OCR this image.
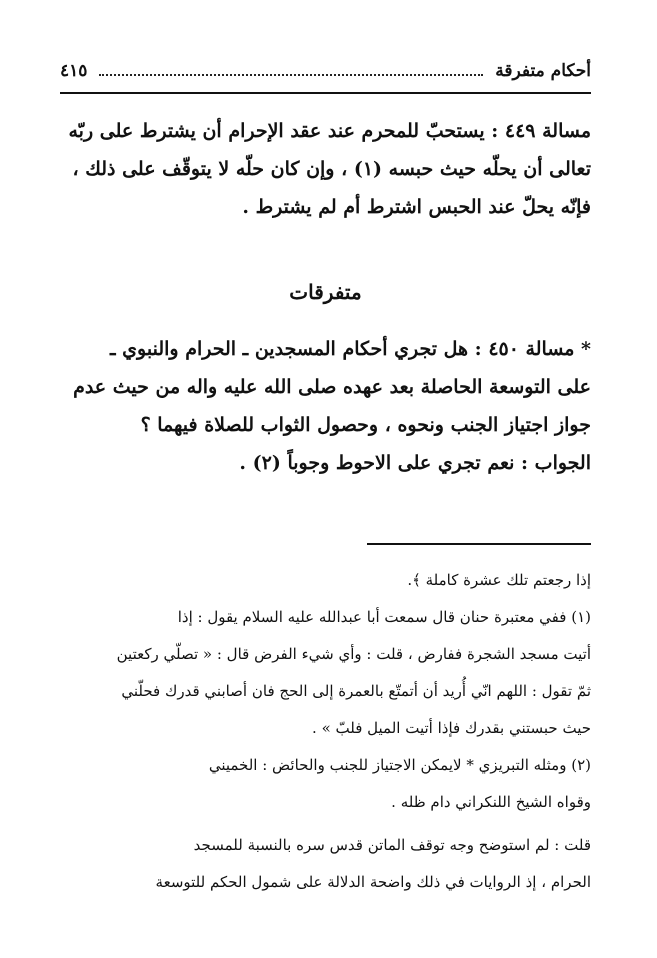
أحكام متفرقة
٤١٥
مسالة ٤٤٩ : يستحبّ للمحرم عند عقد الإحرام أن يشترط على ربّه
تعالى أن يحلّه حيث حبسه (١) ، وإن كان حلّه لا يتوقّف على ذلك ،
فإنّه يحلّ عند الحبس اشترط أم لم يشترط .
متفرقات
* مسالة ٤٥٠ : هل تجري أحكام المسجدين ـ الحرام والنبوي ـ
على التوسعة الحاصلة بعد عهده صلى الله عليه واله من حيث عدم
جواز اجتياز الجنب ونحوه ، وحصول الثواب للصلاة فيهما ؟
الجواب : نعم تجري على الاحوط وجوباً (٢) .
إذا رجعتم تلك عشرة كاملة ﴾.
(١) ففي معتبرة حنان قال سمعت أبا عبدالله عليه السلام يقول : إذا
أتيت مسجد الشجرة ففارض ، قلت : وأي شيء الفرض قال : « تصلّي ركعتين
ثمّ تقول : اللهم انّي أُريد أن أتمتّع بالعمرة إلى الحج فان أصابني قدرك فحلّني
حيث حبستني بقدرك فإذا أتيت الميل فلبّ » .
(٢) ومثله التبريزي * لايمكن الاجتياز للجنب والحائض : الخميني
وقواه الشيخ اللنكراني دام ظله .
قلت : لم استوضح وجه توقف الماتن قدس سره بالنسبة للمسجد
الحرام ، إذ الروايات في ذلك واضحة الدلالة على شمول الحكم للتوسعة
